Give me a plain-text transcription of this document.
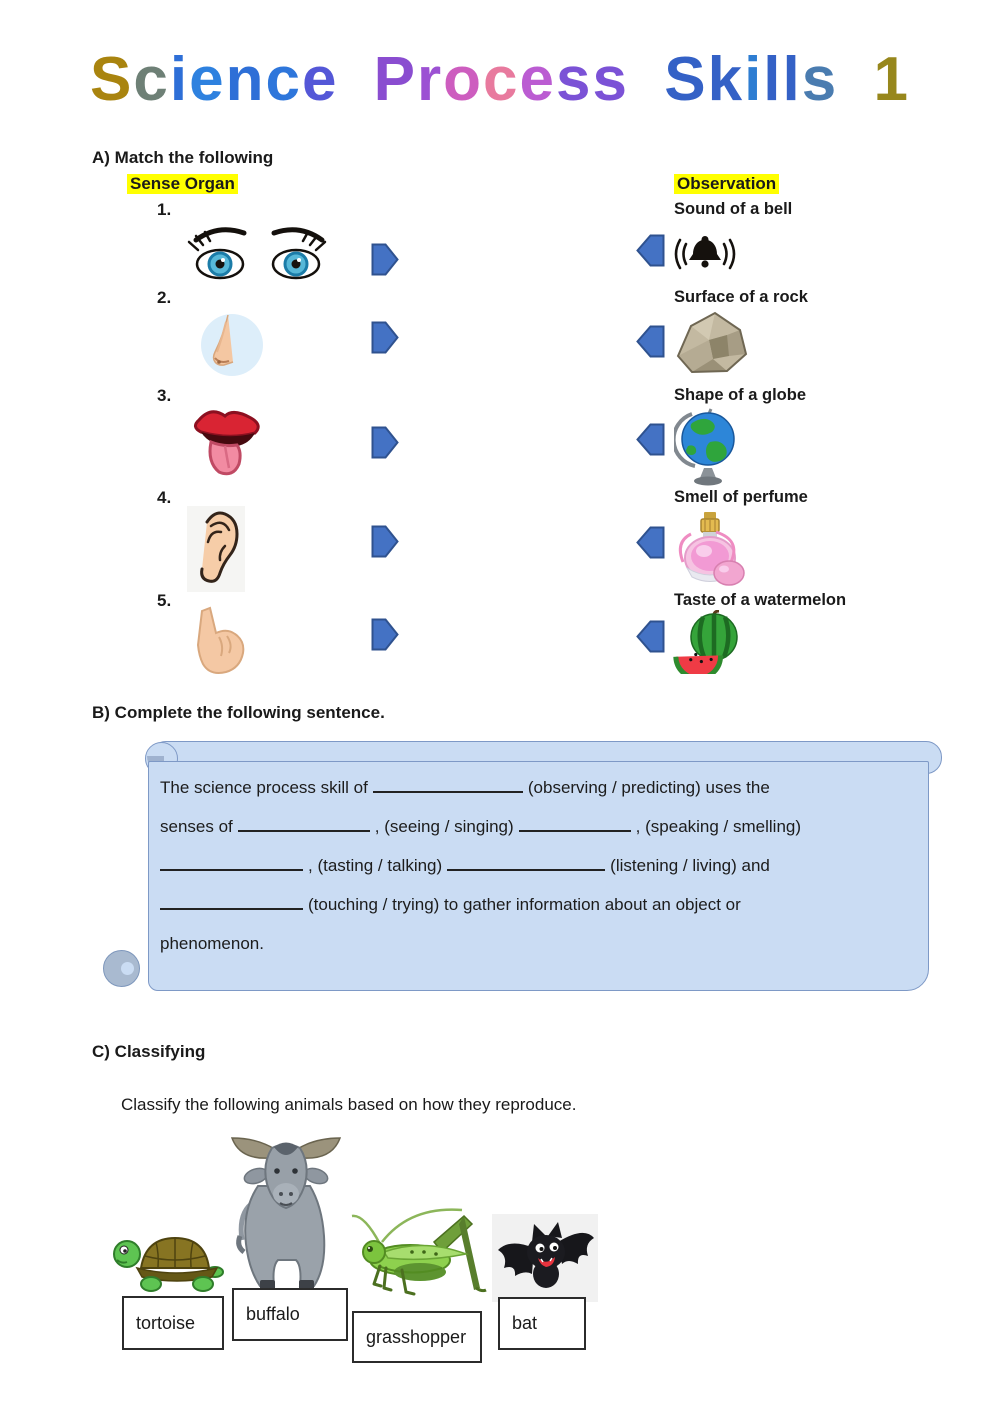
Science Process Skills 1
A) Match the following
Sense Organ	Observation
1.	Sound of a bell
2.	Surface of a rock
3.	Shape of a globe
4.	Smell of perfume
5.	Taste of a watermelon
B) Complete the following sentence.
The science process skill of	(observing / predicting) uses the
senses of	, (seeing / singing)	, (speaking / smelling)
, (tasting / talking)	(listening / living) and
(touching / trying) to gather information about an object or
phenomenon.
C) Classifying
Classify the following animals based on how they reproduce.
tortoise	buffalo
grasshopper
bat
